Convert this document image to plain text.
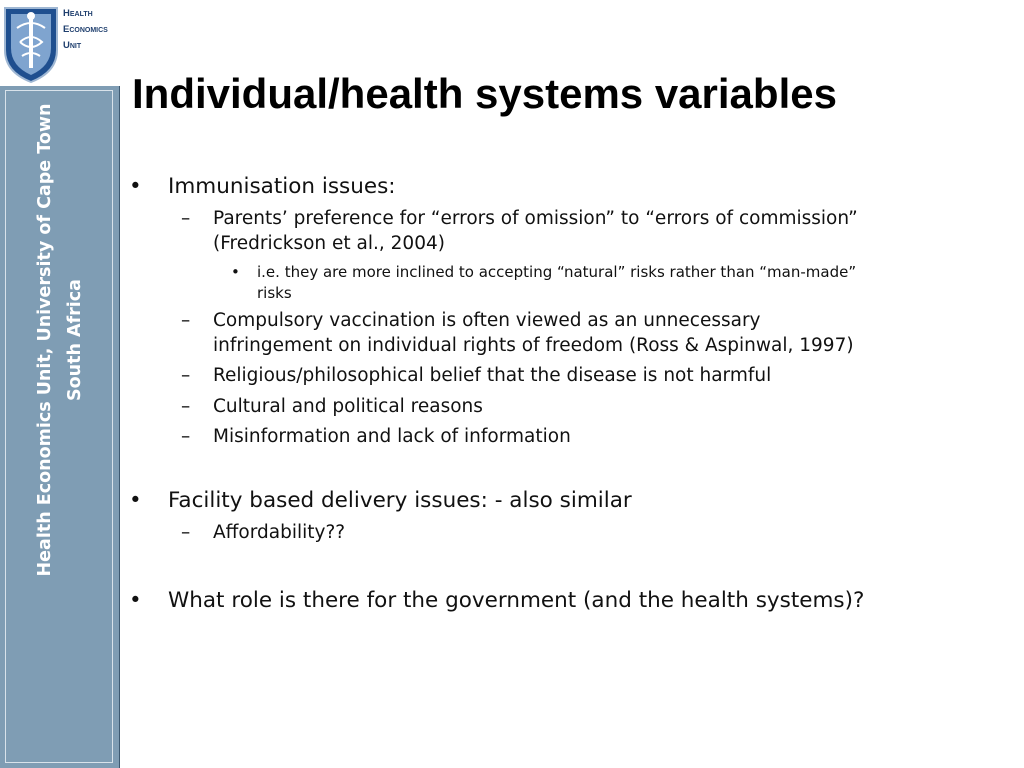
Health
Economics
Unit
Health Economics Unit, University of Cape Town South Africa
Individual/health systems variables
• Immunisation issues:
– Parents’ preference for “errors of omission” to “errors of commission”
(Fredrickson et al., 2004)
• i.e. they are more inclined to accepting “natural” risks rather than “man-made”
risks
– Compulsory vaccination is often viewed as an unnecessary
infringement on individual rights of freedom (Ross & Aspinwal, 1997)
– Religious/philosophical belief that the disease is not harmful
– Cultural and political reasons
– Misinformation and lack of information
• Facility based delivery issues: - also similar
– Affordability??
• What role is there for the government (and the health systems)?
